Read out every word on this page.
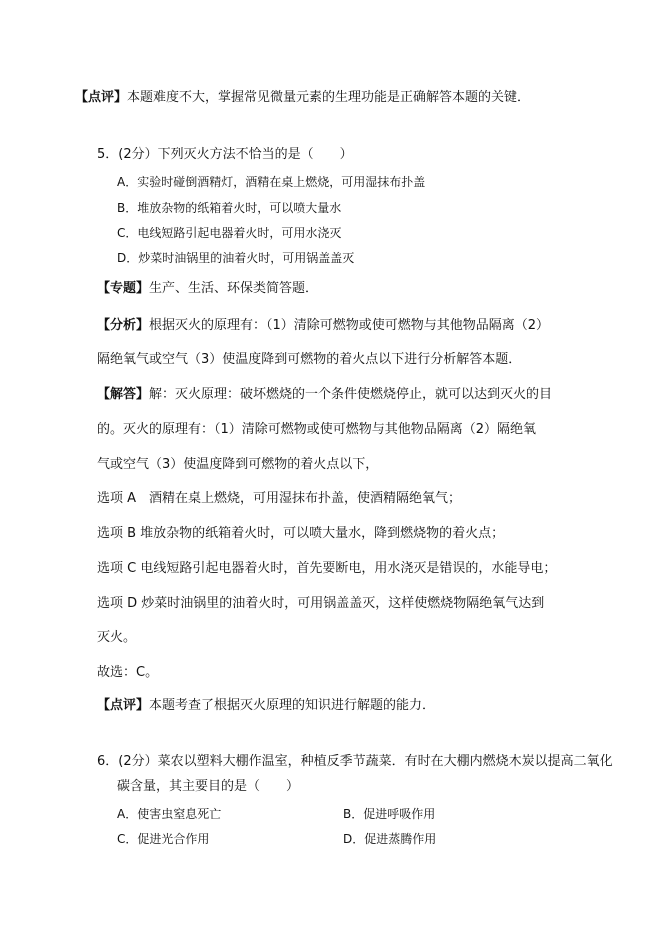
【点评】本题难度不大，掌握常见微量元素的生理功能是正确解答本题的关键．
5．(2分）下列灭火方法不恰当的是（　　）
A．实验时碰倒酒精灯，酒精在桌上燃烧，可用湿抹布扑盖
B．堆放杂物的纸箱着火时，可以喷大量水
C．电线短路引起电器着火时，可用水浇灭
D．炒菜时油锅里的油着火时，可用锅盖盖灭
【专题】生产、生活、环保类简答题．
【分析】根据灭火的原理有：（1）清除可燃物或使可燃物与其他物品隔离（2）
隔绝氧气或空气（3）使温度降到可燃物的着火点以下进行分析解答本题．
【解答】解：灭火原理：破坏燃烧的一个条件使燃烧停止，就可以达到灭火的目
的。灭火的原理有：（1）清除可燃物或使可燃物与其他物品隔离（2）隔绝氧
气或空气（3）使温度降到可燃物的着火点以下，
选项 A　酒精在桌上燃烧，可用湿抹布扑盖，使酒精隔绝氧气；
选项 B 堆放杂物的纸箱着火时，可以喷大量水，降到燃烧物的着火点；
选项 C 电线短路引起电器着火时，首先要断电，用水浇灭是错误的，水能导电；
选项 D 炒菜时油锅里的油着火时，可用锅盖盖灭，这样使燃烧物隔绝氧气达到
灭火。
故选：C。
【点评】本题考查了根据灭火原理的知识进行解题的能力．
6．(2分）菜农以塑料大棚作温室，种植反季节蔬菜．有时在大棚内燃烧木炭以提高二氧化
碳含量，其主要目的是（　　）
A．使害虫窒息死亡	B．促进呼吸作用
C．促进光合作用	D．促进蒸腾作用
